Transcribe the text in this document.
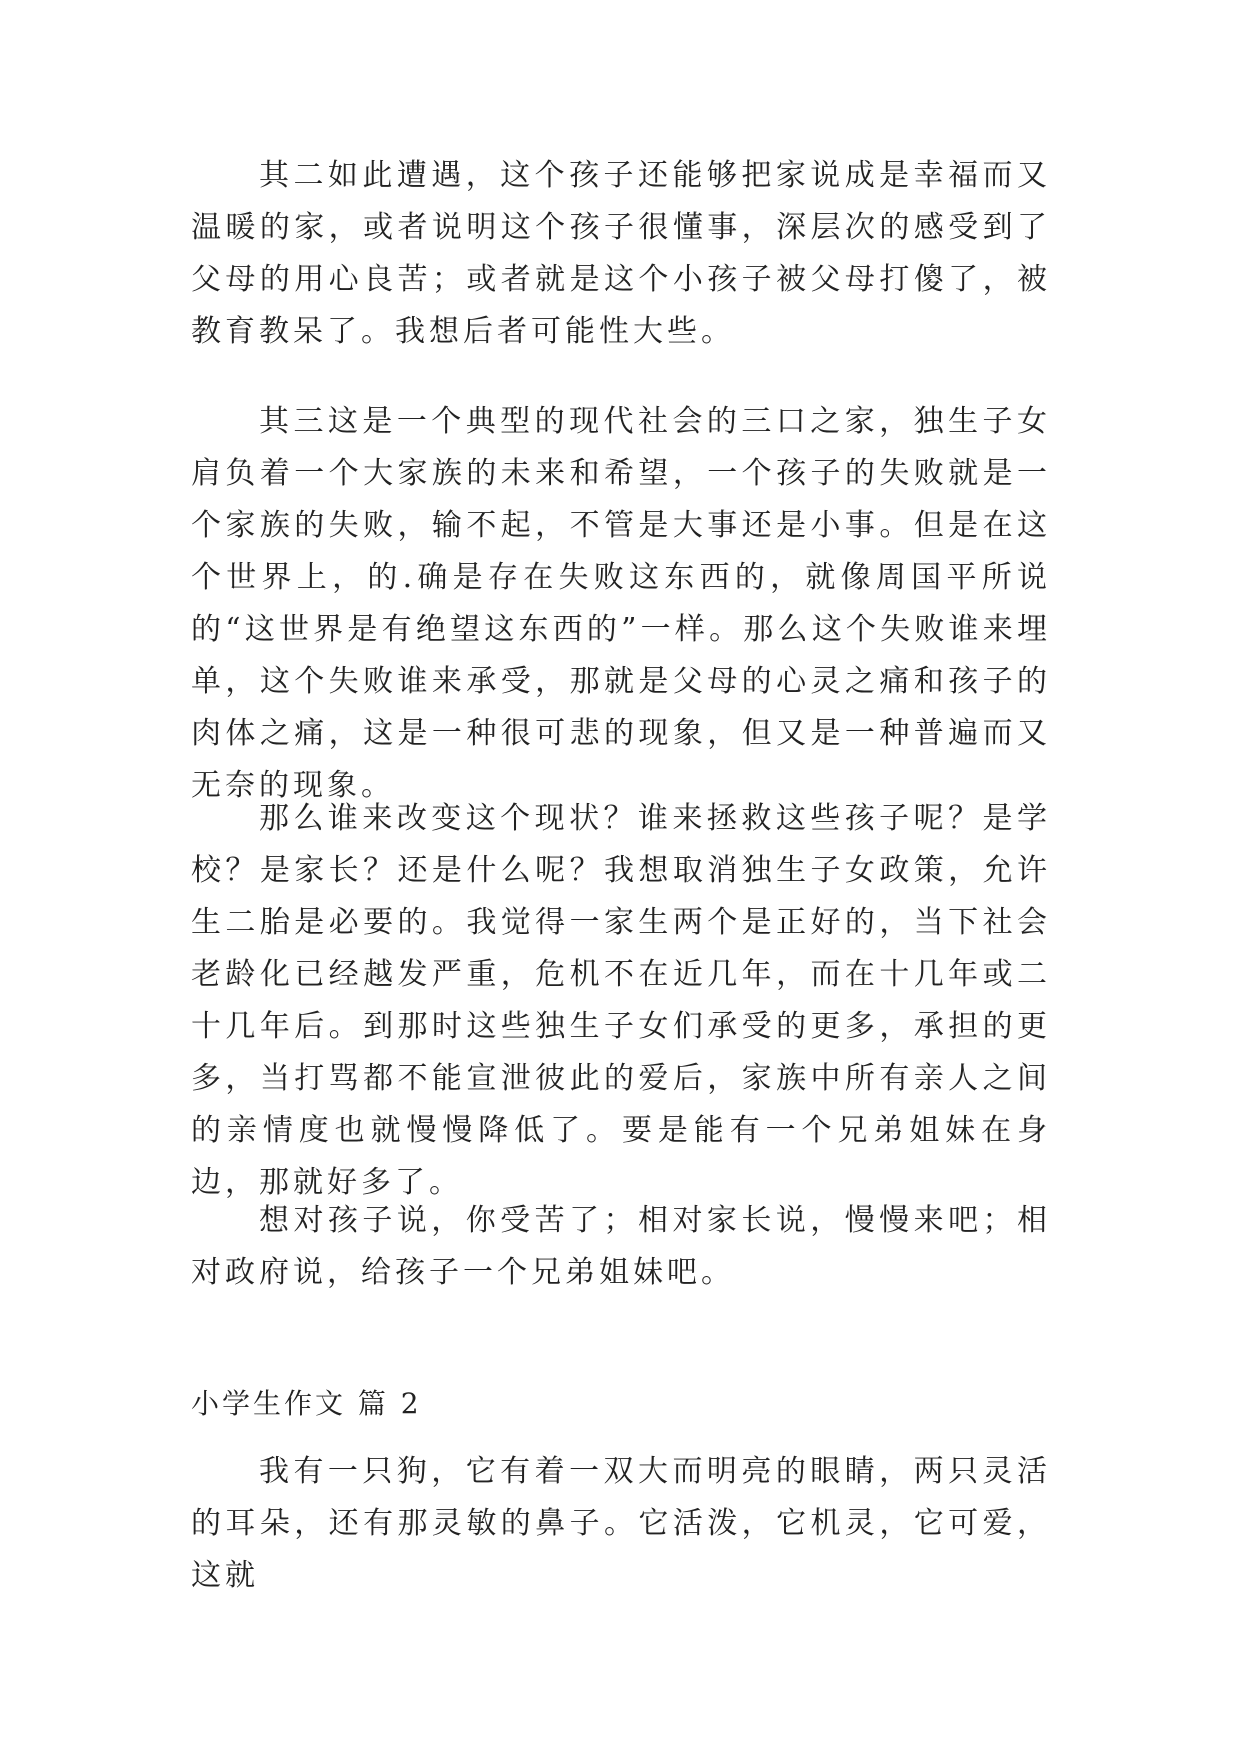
其二如此遭遇，这个孩子还能够把家说成是幸福而又温暖的家，或者说明这个孩子很懂事，深层次的感受到了父母的用心良苦；或者就是这个小孩子被父母打傻了，被教育教呆了。我想后者可能性大些。

其三这是一个典型的现代社会的三口之家，独生子女肩负着一个大家族的未来和希望，一个孩子的失败就是一个家族的失败，输不起，不管是大事还是小事。但是在这个世界上，的.确是存在失败这东西的，就像周国平所说的“这世界是有绝望这东西的”一样。那么这个失败谁来埋单，这个失败谁来承受，那就是父母的心灵之痛和孩子的肉体之痛，这是一种很可悲的现象，但又是一种普遍而又无奈的现象。

那么谁来改变这个现状？谁来拯救这些孩子呢？是学校？是家长？还是什么呢？我想取消独生子女政策，允许生二胎是必要的。我觉得一家生两个是正好的，当下社会老龄化已经越发严重，危机不在近几年，而在十几年或二十几年后。到那时这些独生子女们承受的更多，承担的更多，当打骂都不能宣泄彼此的爱后，家族中所有亲人之间的亲情度也就慢慢降低了。要是能有一个兄弟姐妹在身边，那就好多了。

想对孩子说，你受苦了；相对家长说，慢慢来吧；相对政府说，给孩子一个兄弟姐妹吧。

小学生作文 篇 2

我有一只狗，它有着一双大而明亮的眼睛，两只灵活的耳朵，还有那灵敏的鼻子。它活泼，它机灵，它可爱，这就
